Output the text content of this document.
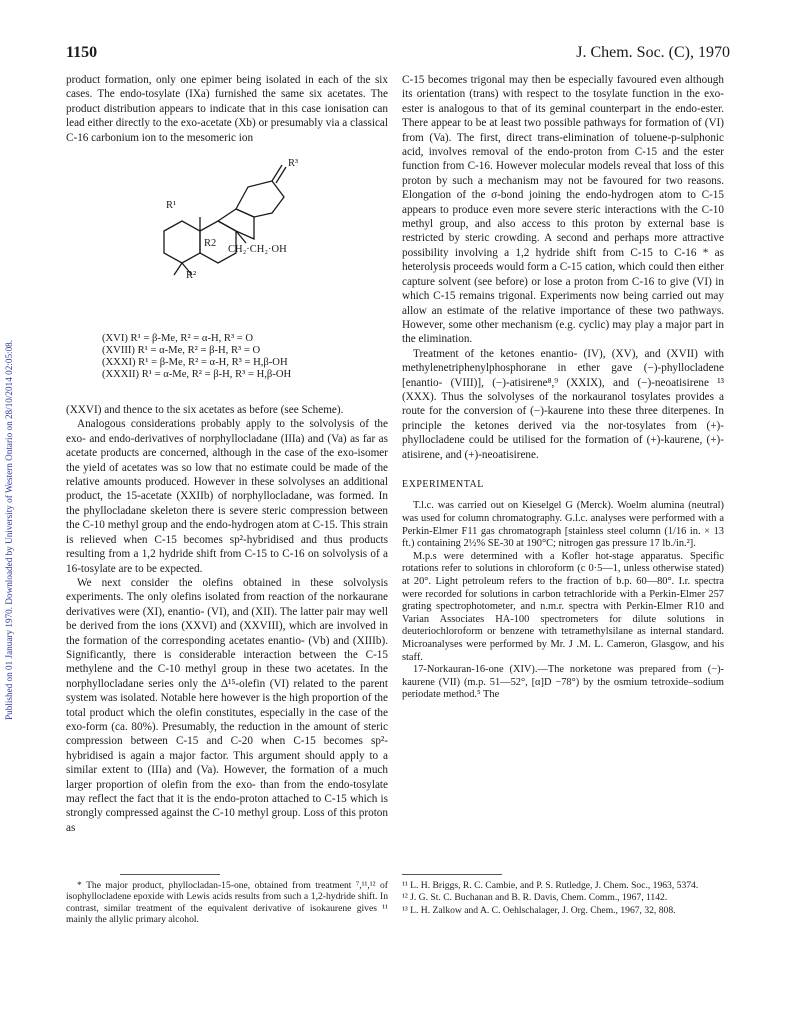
1150	J. Chem. Soc. (C), 1970
Published on 01 January 1970. Downloaded by University of Western Ontario on 28/10/2014 02:05:08.

product formation, only one epimer being isolated in each of the six cases. The endo-tosylate (IXa) furnished the same six acetates. The product distribution appears to indicate that in this case ionisation can lead either directly to the exo-acetate (Xb) or presumably via a classical C-16 carbonium ion to the mesomeric ion

R¹
R³
R2
CH₂·CH₂·OH
R²
(XVI) R¹ = β-Me, R² = α-H, R³ = O
(XVIII) R¹ = α-Me, R² = β-H, R³ = O
(XXXI) R¹ = β-Me, R² = α-H, R³ = H,β-OH
(XXXII) R¹ = α-Me, R² = β-H, R³ = H,β-OH

(XXVI) and thence to the six acetates as before (see Scheme).

Analogous considerations probably apply to the solvolysis of the exo- and endo-derivatives of norphyllocladane (IIIa) and (Va) as far as acetate products are concerned, although in the case of the exo-isomer the yield of acetates was so low that no estimate could be made of the relative amounts produced. However in these solvolyses an additional product, the 15-acetate (XXIIb) of norphyllocladane, was formed. In the phyllocladane skeleton there is severe steric compression between the C-10 methyl group and the endo-hydrogen atom at C-15. This strain is relieved when C-15 becomes sp²-hybridised and thus products resulting from a 1,2 hydride shift from C-15 to C-16 on solvolysis of a 16-tosylate are to be expected.

We next consider the olefins obtained in these solvolysis experiments. The only olefins isolated from reaction of the norkaurane derivatives were (XI), enantio- (VI), and (XII). The latter pair may well be derived from the ions (XXVI) and (XXVIII), which are involved in the formation of the corresponding acetates enantio- (Vb) and (XIIIb). Significantly, there is considerable interaction between the C-15 methylene and the C-10 methyl group in these two acetates. In the norphyllocladane series only the Δ¹⁵-olefin (VI) related to the parent system was isolated. Notable here however is the high proportion of the total product which the olefin constitutes, especially in the case of the exo-form (ca. 80%). Presumably, the reduction in the amount of steric compression between C-15 and C-20 when C-15 becomes sp²-hybridised is again a major factor. This argument should apply to a similar extent to (IIIa) and (Va). However, the formation of a much larger proportion of olefin from the exo- than from the endo-tosylate may reflect the fact that it is the endo-proton attached to C-15 which is strongly compressed against the C-10 methyl group. Loss of this proton as

* The major product, phyllocladan-15-one, obtained from treatment ⁷,¹¹,¹² of isophyllocladene epoxide with Lewis acids results from such a 1,2-hydride shift. In contrast, similar treatment of the equivalent derivative of isokaurene gives ¹¹ mainly the allylic primary alcohol.

C-15 becomes trigonal may then be especially favoured even although its orientation (trans) with respect to the tosylate function in the exo-ester is analogous to that of its geminal counterpart in the endo-ester. There appear to be at least two possible pathways for formation of (VI) from (Va). The first, direct trans-elimination of toluene-p-sulphonic acid, involves removal of the endo-proton from C-15 and the ester function from C-16. However molecular models reveal that loss of this proton by such a mechanism may not be favoured for two reasons. Elongation of the σ-bond joining the endo-hydrogen atom to C-15 appears to produce even more severe steric interactions with the C-10 methyl group, and also access to this proton by external base is restricted by steric crowding. A second and perhaps more attractive possibility involving a 1,2 hydride shift from C-15 to C-16 * as heterolysis proceeds would form a C-15 cation, which could then either capture solvent (see before) or lose a proton from C-16 to give (VI) in which C-15 remains trigonal. Experiments now being carried out may allow an estimate of the relative importance of these two pathways. However, some other mechanism (e.g. cyclic) may play a major part in the elimination.

Treatment of the ketones enantio- (IV), (XV), and (XVII) with methylenetriphenylphosphorane in ether gave (−)-phyllocladene [enantio- (VIII)], (−)-atisirene⁸,⁹ (XXIX), and (−)-neoatisirene ¹³ (XXX). Thus the solvolyses of the norkauranol tosylates provides a route for the conversion of (−)-kaurene into these three diterpenes. In principle the ketones derived via the nor-tosylates from (+)-phyllocladene could be utilised for the formation of (+)-kaurene, (+)-atisirene, and (+)-neoatisirene.

EXPERIMENTAL

T.l.c. was carried out on Kieselgel G (Merck). Woelm alumina (neutral) was used for column chromatography. G.l.c. analyses were performed with a Perkin-Elmer F11 gas chromatograph [stainless steel column (1/16 in. × 13 ft.) containing 2½% SE-30 at 190°C; nitrogen gas pressure 17 lb./in.²].

M.p.s were determined with a Kofler hot-stage apparatus. Specific rotations refer to solutions in chloroform (c 0·5—1, unless otherwise stated) at 20°. Light petroleum refers to the fraction of b.p. 60—80°. I.r. spectra were recorded for solutions in carbon tetrachloride with a Perkin-Elmer 257 grating spectrophotometer, and n.m.r. spectra with Perkin-Elmer R10 and Varian Associates HA-100 spectrometers for dilute solutions in deuteriochloroform or benzene with tetramethylsilane as internal standard. Microanalyses were performed by Mr. J .M. L. Cameron, Glasgow, and his staff.

17-Norkauran-16-one (XIV).—The norketone was prepared from (−)-kaurene (VII) (m.p. 51—52°, [α]D −78°) by the osmium tetroxide–sodium periodate method.⁵ The

¹¹ L. H. Briggs, R. C. Cambie, and P. S. Rutledge, J. Chem. Soc., 1963, 5374.

¹² J. G. St. C. Buchanan and B. R. Davis, Chem. Comm., 1967, 1142.

¹³ L. H. Zalkow and A. C. Oehlschalager, J. Org. Chem., 1967, 32, 808.
